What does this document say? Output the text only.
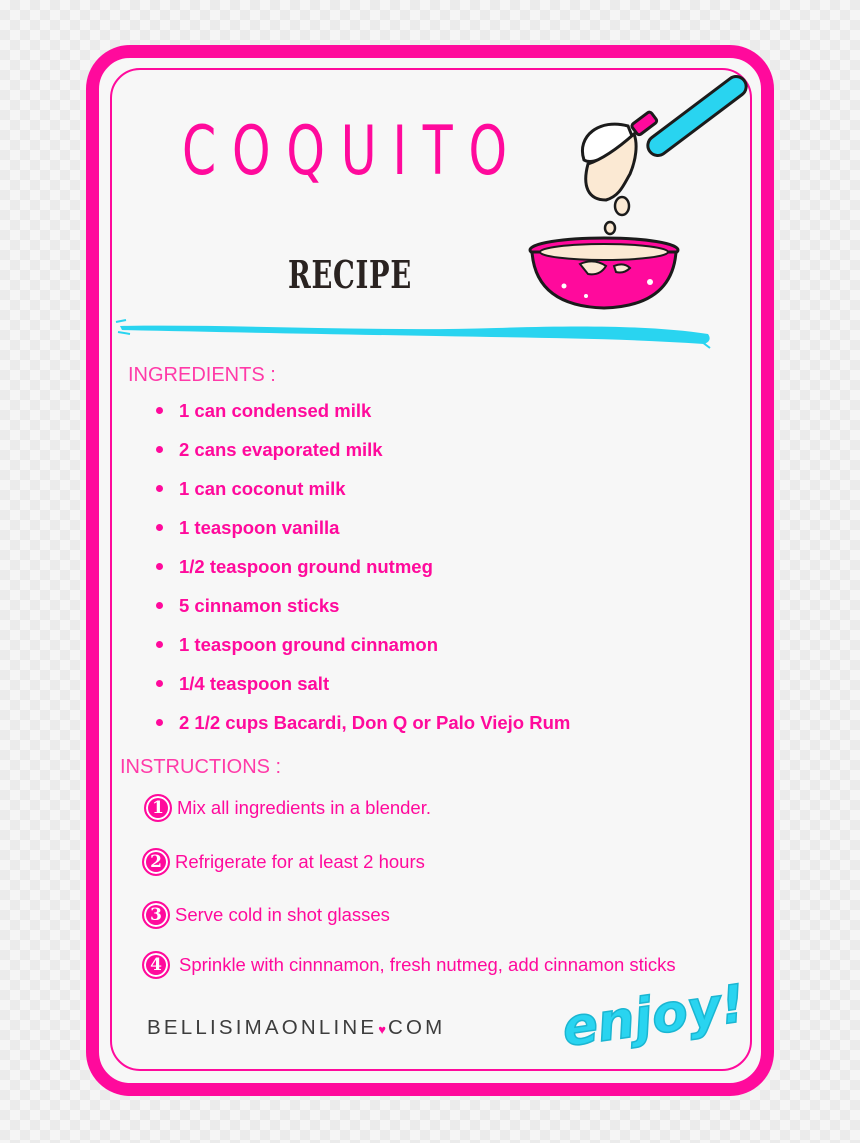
COQUITO
RECIPE

INGREDIENTS :

1 can condensed milk
2 cans evaporated milk
1 can coconut milk
1 teaspoon vanilla
1/2 teaspoon ground nutmeg
5 cinnamon sticks
1 teaspoon ground cinnamon
1/4 teaspoon salt
2 1/2 cups Bacardi, Don Q or Palo Viejo Rum

INSTRUCTIONS :

1 Mix all ingredients in a blender.
2 Refrigerate for at least 2 hours
3 Serve cold in shot glasses
4 Sprinkle with cinnnamon, fresh nutmeg, add cinnamon sticks

BELLISIMAONLINE♥COM enjoy!
